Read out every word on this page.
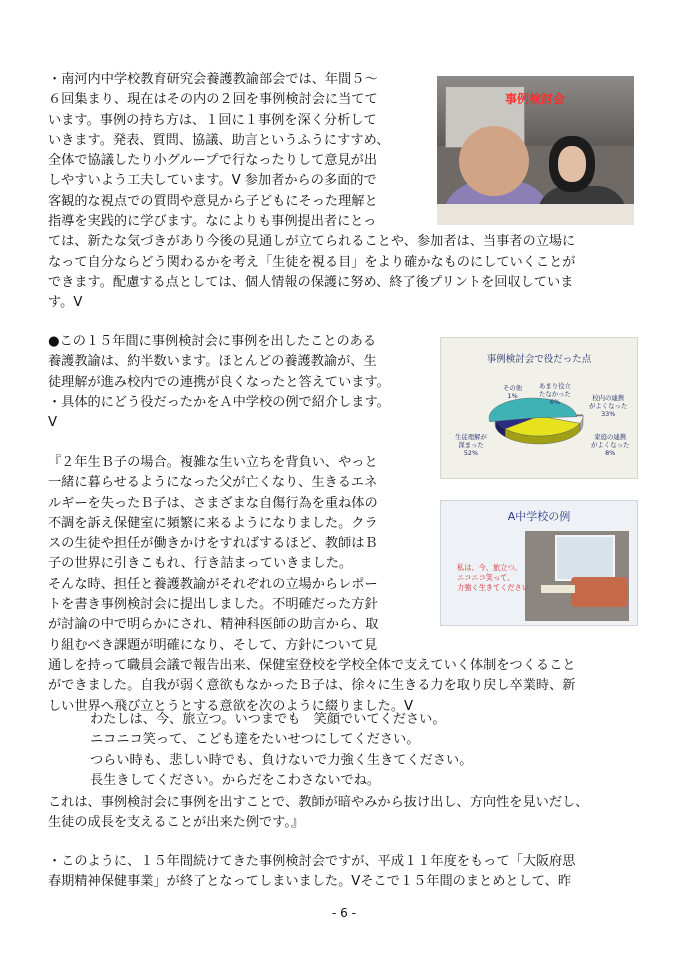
・南河内中学校教育研究会養護教諭部会では、年間５～
６回集まり、現在はその内の２回を事例検討会に当てて
います。事例の持ち方は、１回に１事例を深く分析して
いきます。発表、質問、協議、助言というふうにすすめ、
全体で協議したり小グループで行なったりして意見が出
しやすいよう工夫しています。V 参加者からの多面的で
客観的な視点での質問や意見から子どもにそった理解と
指導を実践的に学びます。なによりも事例提出者にとっ
ては、新たな気づきがあり今後の見通しが立てられることや、参加者は、当事者の立場に
なって自分ならどう関わるかを考え「生徒を視る目」をより確かなものにしていくことが
できます。配慮する点としては、個人情報の保護に努め、終了後プリントを回収していま
す。V
事例検討会
●この１５年間に事例検討会に事例を出したことのある
養護教諭は、約半数います。ほとんどの養護教諭が、生
徒理解が進み校内での連携が良くなったと答えています。
・具体的にどう役だったかをＡ中学校の例で紹介します。
V
事例検討会で役だった点
その他
1%
あまり役立
たなかった
6%	校内の連携
がよくなった
33%
家庭の連携
がよくなった
8%
生徒理解が
深まった
52%
『２年生Ｂ子の場合。複雑な生い立ちを背負い、やっと
一緒に暮らせるようになった父が亡くなり、生きるエネ
ルギーを失ったＢ子は、さまざまな自傷行為を重ね体の
不調を訴え保健室に頻繁に来るようになりました。クラ
スの生徒や担任が働きかけをすればするほど、教師はＢ
子の世界に引きこもれ、行き詰まっていきました。
そんな時、担任と養護教諭がそれぞれの立場からレポー
トを書き事例検討会に提出しました。不明確だった方針
が討論の中で明らかにされ、精神科医師の助言から、取
り組むべき課題が明確になり、そして、方針について見
通しを持って職員会議で報告出来、保健室登校を学校全体で支えていく体制をつくること
ができました。自我が弱く意欲もなかったＢ子は、徐々に生きる力を取り戻し卒業時、新
しい世界へ飛び立とうとする意欲を次のように綴りました。V
A中学校の例
私は、今、旅立つ。
ニコニコ笑って、
力強く生きてください
わたしは、今、旅立つ。いつまでも　笑顔でいてください。
ニコニコ笑って、こども達をたいせつにしてください。
つらい時も、悲しい時でも、負けないで力強く生きてください。
長生きしてください。からだをこわさないでね。
これは、事例検討会に事例を出すことで、教師が暗やみから抜け出し、方向性を見いだし、
生徒の成長を支えることが出来た例です。』
・このように、１５年間続けてきた事例検討会ですが、平成１１年度をもって「大阪府思
春期精神保健事業」が終了となってしまいました。Vそこで１５年間のまとめとして、昨
- 6 -
